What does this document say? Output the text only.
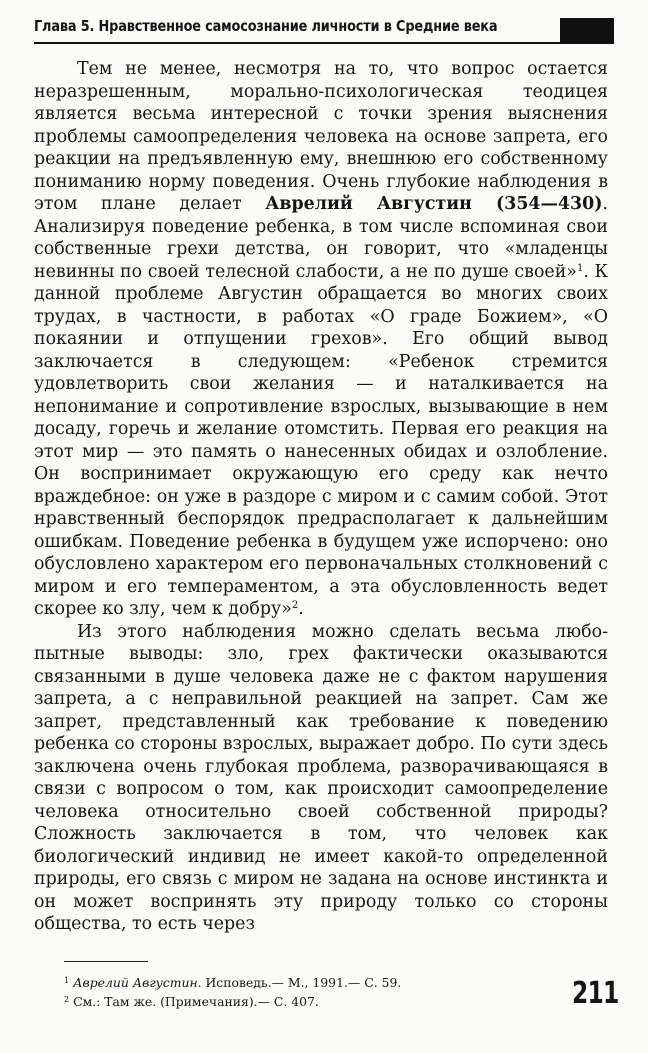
Глава 5. Нравственное самосознание личности в Средние века

Тем не менее, несмотря на то, что вопрос остается неразрешенным, морально-психологическая теодицея является весьма интересной с точки зрения выяснения проблемы самоопределения человека на основе запрета, его реакции на предъявленную ему, внешнюю его собственному пониманию норму поведения. Очень глубокие наблюдения в этом плане делает Аврелий Августин (354—430). Анализируя поведение ребенка, в том числе вспоминая свои собственные грехи детства, он говорит, что «младенцы невинны по своей телесной слабости, а не по душе своей»$^1$. К данной проблеме Августин обращается во многих своих трудах, в частности, в работах «О граде Божием», «О покаянии и отпущении грехов». Его общий вывод заключается в следующем: «Ребенок стремится удовлетворить свои желания — и наталкивается на непонимание и сопротивление взрослых, вызывающие в нем досаду, горечь и желание отомстить. Первая его реакция на этот мир — это память о нанесенных обидах и озлобление. Он воспринимает окружающую его среду как нечто враждебное: он уже в раздоре с миром и с самим собой. Этот нравственный беспорядок предрасполагает к дальнейшим ошибкам. Поведение ребенка в будущем уже испорчено: оно обусловлено характером его первоначальных столкновений с миром и его темпераментом, а эта обусловленность ведет скорее ко злу, чем к добру»$^2$.

Из этого наблюдения можно сделать весьма любопытные выводы: зло, грех фактически оказываются связанными в душе человека даже не с фактом нарушения запрета, а с неправильной реакцией на запрет. Сам же запрет, представленный как требование к поведению ребенка со стороны взрослых, выражает добро. По сути здесь заключена очень глубокая проблема, разворачивающаяся в связи с вопросом о том, как происходит самоопределение человека относительно своей собственной природы? Сложность заключается в том, что человек как биологический индивид не имеет какой-то определенной природы, его связь с миром не задана на основе инстинкта и он может воспринять эту природу только со стороны общества, то есть через

$^1$ Аврелий Августин. Исповедь.— М., 1991.— С. 59.
$^2$ См.: Там же. (Примечания).— С. 407.	211
